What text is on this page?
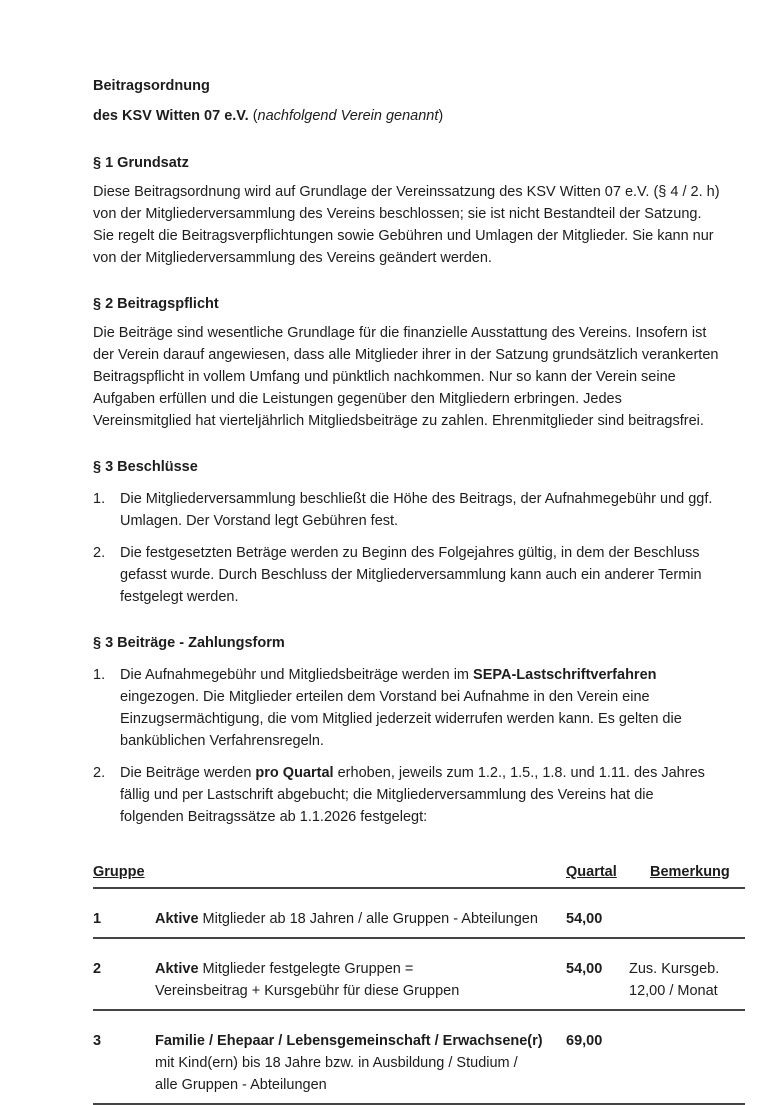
Beitragsordnung
des KSV Witten 07 e.V. (nachfolgend Verein genannt)
§ 1 Grundsatz

Diese Beitragsordnung wird auf Grundlage der Vereinssatzung des KSV Witten 07 e.V. (§ 4 / 2. h) von der Mitgliederversammlung des Vereins beschlossen; sie ist nicht Bestandteil der Satzung. Sie regelt die Beitragsverpflichtungen sowie Gebühren und Umlagen der Mitglieder. Sie kann nur von der Mitgliederversammlung des Vereins geändert werden.

§ 2 Beitragspflicht

Die Beiträge sind wesentliche Grundlage für die finanzielle Ausstattung des Vereins. Insofern ist der Verein darauf angewiesen, dass alle Mitglieder ihrer in der Satzung grundsätzlich verankerten Beitragspflicht in vollem Umfang und pünktlich nachkommen. Nur so kann der Verein seine Aufgaben erfüllen und die Leistungen gegenüber den Mitgliedern erbringen. Jedes Vereinsmitglied hat vierteljährlich Mitgliedsbeiträge zu zahlen. Ehrenmitglieder sind beitragsfrei.

§ 3 Beschlüsse
1.	Die Mitgliederversammlung beschließt die Höhe des Beitrags, der Aufnahmegebühr und ggf. Umlagen. Der Vorstand legt Gebühren fest.
2.	Die festgesetzten Beträge werden zu Beginn des Folgejahres gültig, in dem der Beschluss gefasst wurde. Durch Beschluss der Mitgliederversammlung kann auch ein anderer Termin festgelegt werden.
§ 3 Beiträge - Zahlungsform
1.	Die Aufnahmegebühr und Mitgliedsbeiträge werden im SEPA-Lastschriftverfahren eingezogen. Die Mitglieder erteilen dem Vorstand bei Aufnahme in den Verein eine Einzugsermächtigung, die vom Mitglied jederzeit widerrufen werden kann. Es gelten die banküblichen Verfahrensregeln.
2.	Die Beiträge werden pro Quartal erhoben, jeweils zum 1.2., 1.5., 1.8. und 1.11. des Jahres fällig und per Lastschrift abgebucht; die Mitgliederversammlung des Vereins hat die folgenden Beitragssätze ab 1.1.2026 festgelegt:
Gruppe	Quartal	Bemerkung
1	Aktive Mitglieder ab 18 Jahren / alle Gruppen - Abteilungen	54,00
2	Aktive Mitglieder festgelegte Gruppen =
Vereinsbeitrag + Kursgebühr für diese Gruppen
54,00	Zus. Kursgeb.
12,00 / Monat
3	Familie / Ehepaar / Lebensgemeinschaft / Erwachsene(r)
mit Kind(ern) bis 18 Jahre bzw. in Ausbildung / Studium /
alle Gruppen - Abteilungen
69,00
